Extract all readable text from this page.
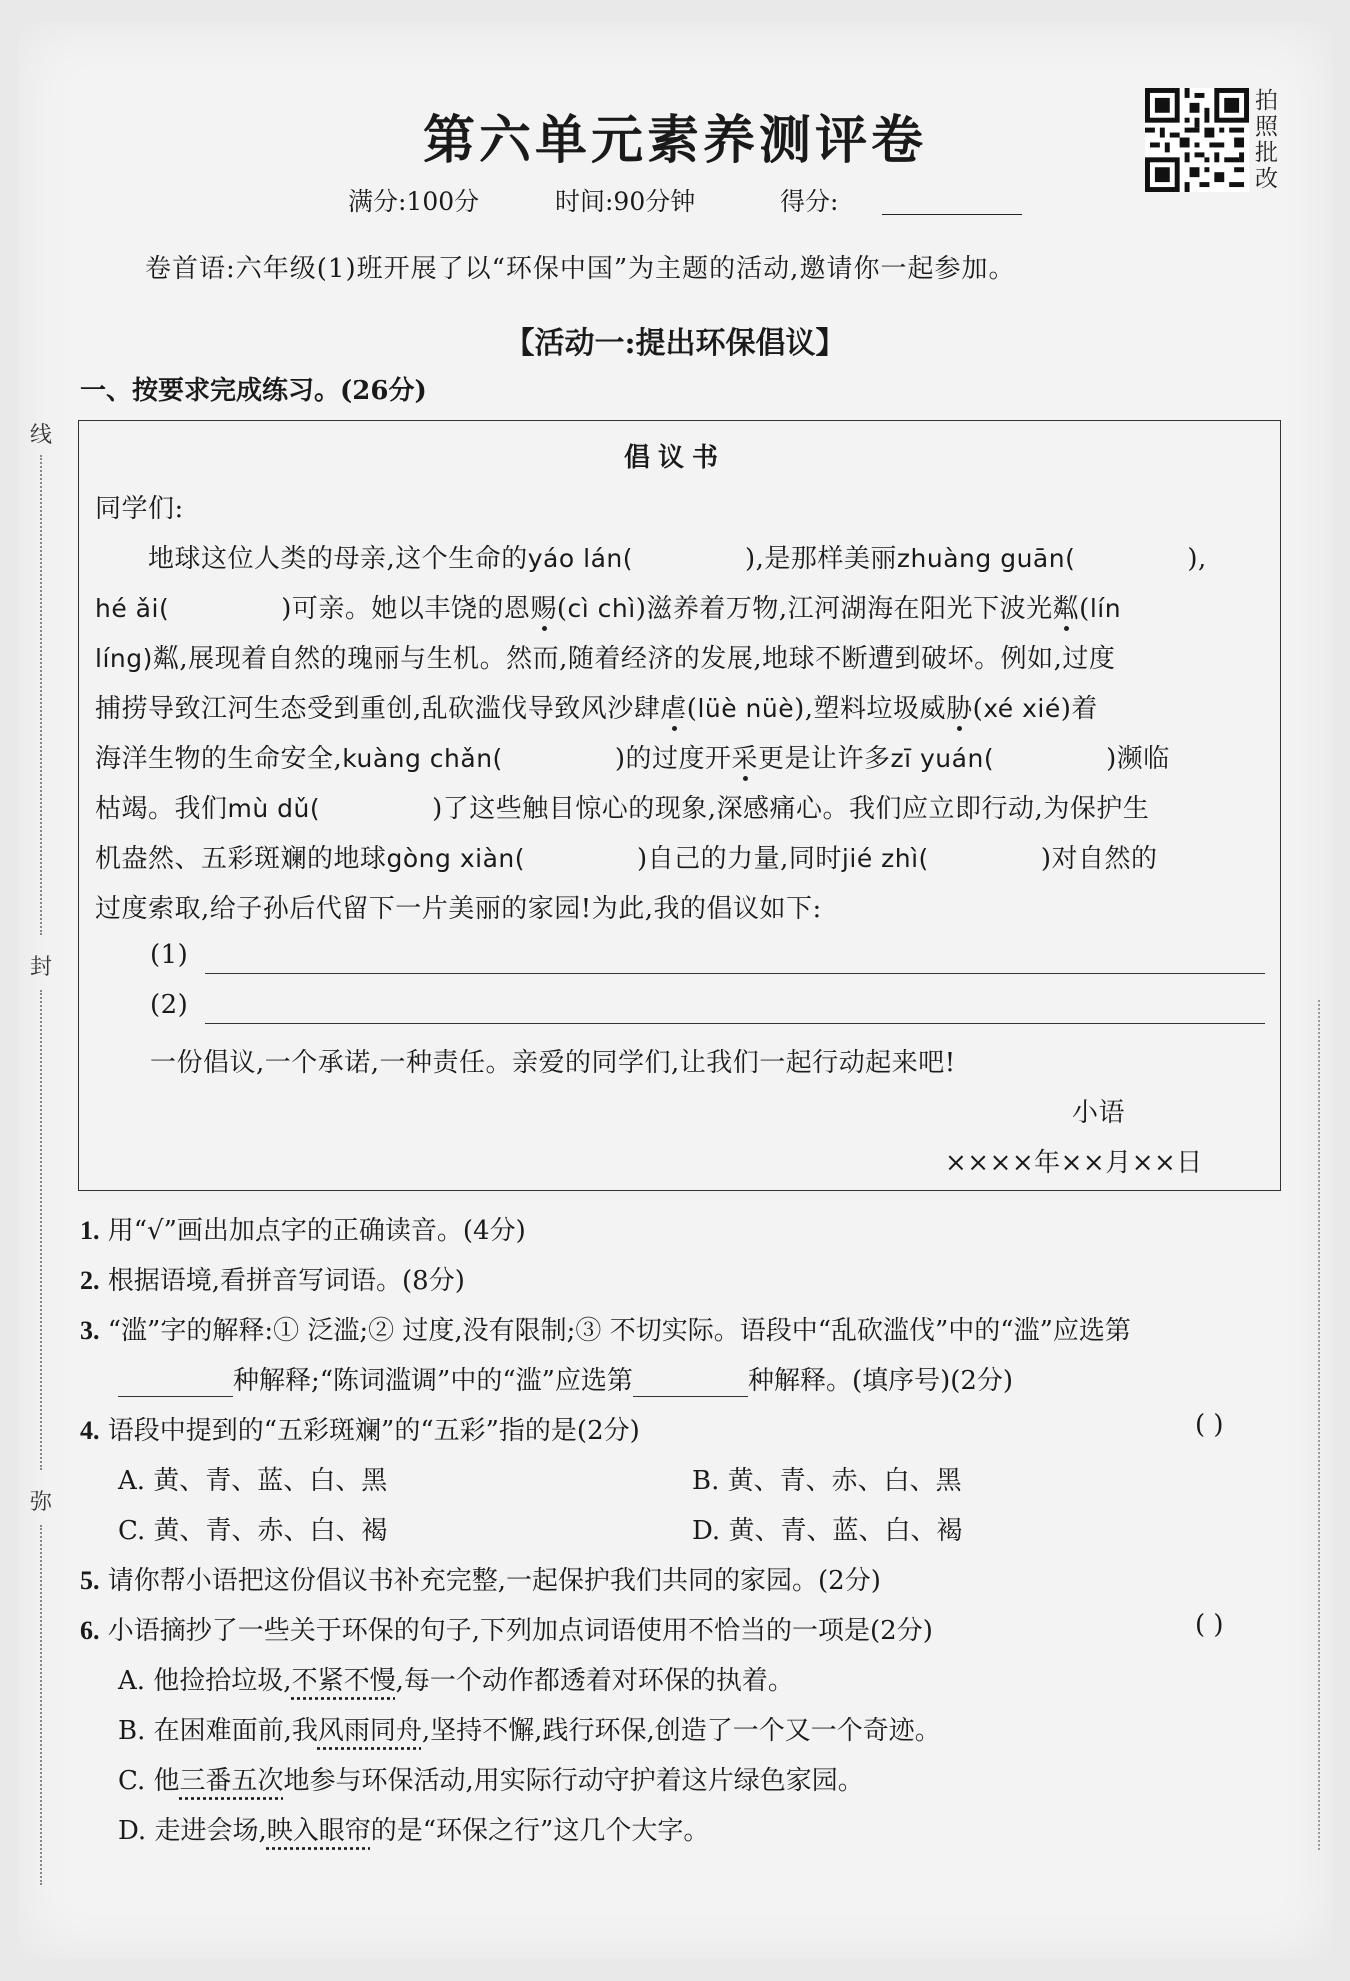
线
封
弥
第六单元素养测评卷
拍照批改
满分:100分	时间:90分钟	得分:
卷首语:六年级(1)班开展了以“环保中国”为主题的活动,邀请你一起参加。
【活动一:提出环保倡议】
一、按要求完成练习。(26分)
倡议书
同学们:
地球这位人类的母亲,这个生命的yáo lán(	),是那样美丽zhuàng guān(	),
hé ǎi(	)可亲。她以丰饶的恩赐(cì chì)滋养着万物,江河湖海在阳光下波光粼(lín
líng)粼,展现着自然的瑰丽与生机。然而,随着经济的发展,地球不断遭到破坏。例如,过度
捕捞导致江河生态受到重创,乱砍滥伐导致风沙肆虐(lüè nüè),塑料垃圾威胁(xé xié)着
海洋生物的生命安全,kuàng chǎn(	)的过度开采更是让许多zī yuán(	)濒临
枯竭。我们mù dǔ(	)了这些触目惊心的现象,深感痛心。我们应立即行动,为保护生
机盎然、五彩斑斓的地球gòng xiàn(	)自己的力量,同时jié zhì(	)对自然的
过度索取,给子孙后代留下一片美丽的家园!为此,我的倡议如下:
(1)
(2)
一份倡议,一个承诺,一种责任。亲爱的同学们,让我们一起行动起来吧!
小语
××××年××月××日
1. 用“√”画出加点字的正确读音。(4分)
2. 根据语境,看拼音写词语。(8分)
3. “滥”字的解释:① 泛滥;② 过度,没有限制;③ 不切实际。语段中“乱砍滥伐”中的“滥”应选第
种解释;“陈词滥调”中的“滥”应选第	种解释。(填序号)(2分)
4. 语段中提到的“五彩斑斓”的“五彩”指的是(2分)	( )
A. 黄、青、蓝、白、黑	B. 黄、青、赤、白、黑
C. 黄、青、赤、白、褐	D. 黄、青、蓝、白、褐
5. 请你帮小语把这份倡议书补充完整,一起保护我们共同的家园。(2分)
6. 小语摘抄了一些关于环保的句子,下列加点词语使用不恰当的一项是(2分)	( )
A. 他捡拾垃圾,不紧不慢,每一个动作都透着对环保的执着。
B. 在困难面前,我风雨同舟,坚持不懈,践行环保,创造了一个又一个奇迹。
C. 他三番五次地参与环保活动,用实际行动守护着这片绿色家园。
D. 走进会场,映入眼帘的是“环保之行”这几个大字。
